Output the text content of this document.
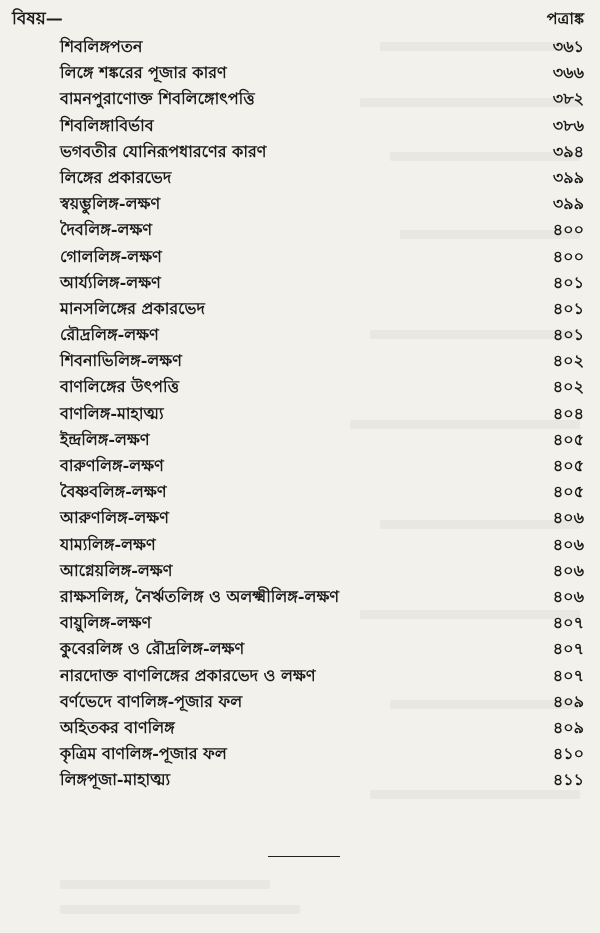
বিষয়—	পত্রাঙ্ক
শিবলিঙ্গপতন	৩৬১
লিঙ্গে শঙ্করের পূজার কারণ	৩৬৬
বামনপুরাণোক্ত শিবলিঙ্গোৎপত্তি	৩৮২
শিবলিঙ্গাবির্ভাব	৩৮৬
ভগবতীর যোনিরূপধারণের কারণ	৩৯৪
লিঙ্গের প্রকারভেদ	৩৯৯
স্বয়ম্ভুলিঙ্গ-লক্ষণ	৩৯৯
দৈবলিঙ্গ-লক্ষণ	৪০০
গোললিঙ্গ-লক্ষণ	৪০০
আর্য্যলিঙ্গ-লক্ষণ	৪০১
মানসলিঙ্গের প্রকারভেদ	৪০১
রৌদ্রলিঙ্গ-লক্ষণ	৪০১
শিবনাভিলিঙ্গ-লক্ষণ	৪০২
বাণলিঙ্গের উৎপত্তি	৪০২
বাণলিঙ্গ-মাহাত্ম্য	৪০৪
ইন্দ্রলিঙ্গ-লক্ষণ	৪০৫
বারুণলিঙ্গ-লক্ষণ	৪০৫
বৈষ্ণবলিঙ্গ-লক্ষণ	৪০৫
আরুণলিঙ্গ-লক্ষণ	৪০৬
যাম্যলিঙ্গ-লক্ষণ	৪০৬
আগ্নেয়লিঙ্গ-লক্ষণ	৪০৬
রাক্ষসলিঙ্গ, নৈর্ঋতলিঙ্গ ও অলক্ষ্মীলিঙ্গ-লক্ষণ	৪০৬
বায়ুলিঙ্গ-লক্ষণ	৪০৭
কুবেরলিঙ্গ ও রৌদ্রলিঙ্গ-লক্ষণ	৪০৭
নারদোক্ত বাণলিঙ্গের প্রকারভেদ ও লক্ষণ	৪০৭
বর্ণভেদে বাণলিঙ্গ-পূজার ফল	৪০৯
অহিতকর বাণলিঙ্গ	৪০৯
কৃত্রিম বাণলিঙ্গ-পূজার ফল	৪১০
লিঙ্গপূজা-মাহাত্ম্য	৪১১
